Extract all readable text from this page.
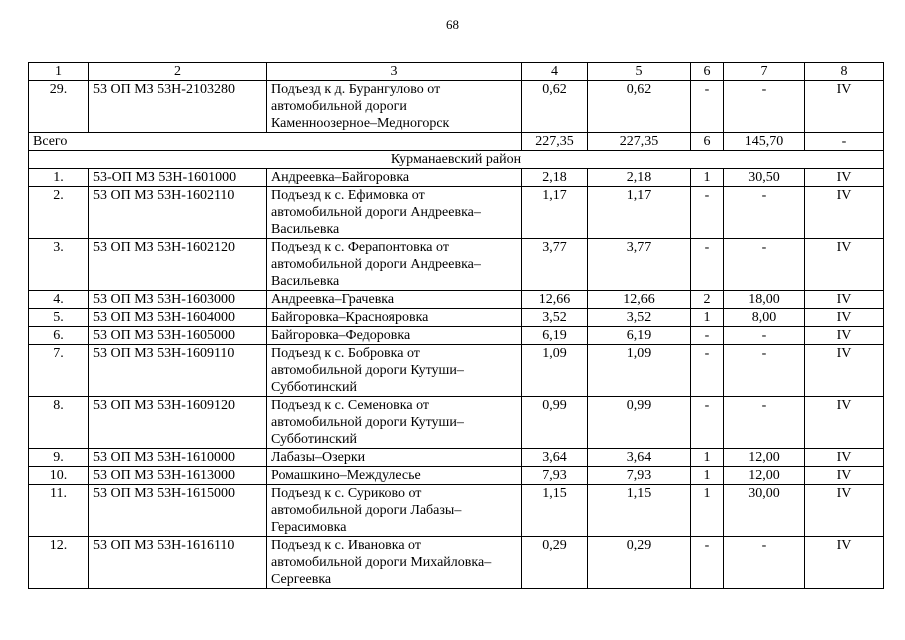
68
1	2	3	4	5	6	7	8
29.	53 ОП МЗ 53Н-2103280	Подъезд к д. Бурангулово от
автомобильной дороги
Каменноозерное–Медногорск	0,62	0,62	-	-	IV
Всего			227,35	227,35	6	145,70	-
Курманаевский район							
1.	53-ОП МЗ 53Н-1601000	Андреевка–Байгоровка	2,18	2,18	1	30,50	IV
2.	53 ОП МЗ 53Н-1602110	Подъезд к с. Ефимовка от
автомобильной дороги Андреевка–
Васильевка	1,17	1,17	-	-	IV
3.	53 ОП МЗ 53Н-1602120	Подъезд к с. Ферапонтовка от
автомобильной дороги Андреевка–
Васильевка	3,77	3,77	-	-	IV
4.	53 ОП МЗ 53Н-1603000	Андреевка–Грачевка	12,66	12,66	2	18,00	IV
5.	53 ОП МЗ 53Н-1604000	Байгоровка–Краснояровка	3,52	3,52	1	8,00	IV
6.	53 ОП МЗ 53Н-1605000	Байгоровка–Федоровка	6,19	6,19	-	-	IV
7.	53 ОП МЗ 53Н-1609110	Подъезд к с. Бобровка от
автомобильной дороги Кутуши–
Субботинский	1,09	1,09	-	-	IV
8.	53 ОП МЗ 53Н-1609120	Подъезд к с. Семеновка от
автомобильной дороги Кутуши–
Субботинский	0,99	0,99	-	-	IV
9.	53 ОП МЗ 53Н-1610000	Лабазы–Озерки	3,64	3,64	1	12,00	IV
10.	53 ОП МЗ 53Н-1613000	Ромашкино–Междулесье	7,93	7,93	1	12,00	IV
11.	53 ОП МЗ 53Н-1615000	Подъезд к с. Суриково от
автомобильной дороги Лабазы–
Герасимовка	1,15	1,15	1	30,00	IV
12.	53 ОП МЗ 53Н-1616110	Подъезд к с. Ивановка от
автомобильной дороги Михайловка–
Сергеевка	0,29	0,29	-	-	IV
